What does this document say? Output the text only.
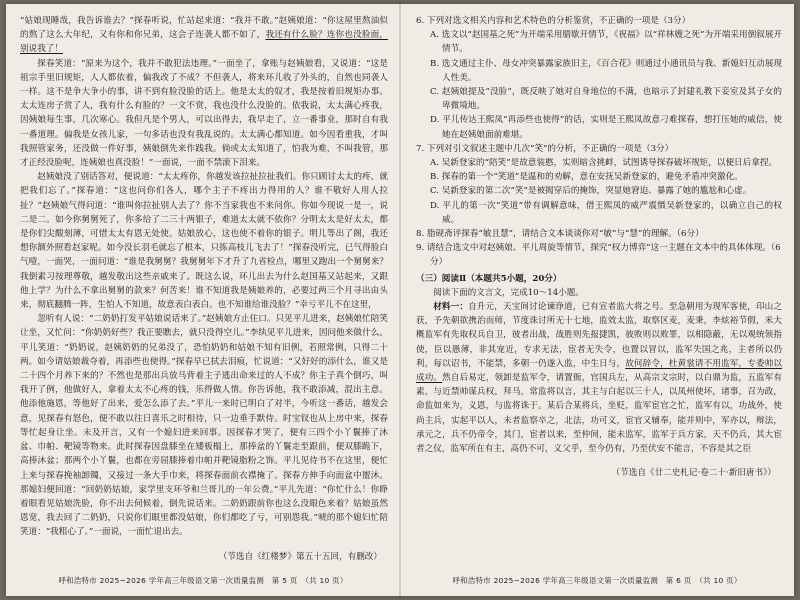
“姑娘现睡哉，我告诉谁去？”探春听说，忙站起来道：“我并不敢。”赵姨娘道：“你这屋里熬油似的熬了这么大年纪，又有你和你兄弟，这会子连袭人都不如了，我还有什么脸？连你也没脸面，别说我了！

探春笑道：“原来为这个，我并不敢犯法违理。”一面坐了，拿账与赵姨娘看，又说道：“这是祖宗手里旧规矩，人人都依着，偏我改了不成？不但袭人，将来环儿收了外头的，自然也同袭人一样。这不是争大争小的事，讲不到有脸没脸的话上。他是太太的奴才，我是按着旧规矩办事。太太连房子赏了人，我有什么有脸的？一文不赏，我也没什么没脸的。依我说，太太满心疼我，因姨娘每生事，几次寒心。我但凡是个男人，可以出得去，我早走了，立一番事业，那时自有我一番道理。偏我是女孩儿家，一句多话也没有我乱说的。太太满心都知道。如今因看重我，才叫我照管家务，还没做一件好事，姨娘倒先来作践我。倘或太太知道了，怕我为难，不叫我管，那才正经没脸呢，连姨娘也真没脸！”一面说，一面不禁滚下泪来。

赵姨娘没了别话答对，便说道：“太太疼你，你越发该拉扯拉扯我们。你只顾讨太太的疼，就把我们忘了。”探春道：“这也问你们各人，哪个主子不疼出力得用的人？谁不敬好人用人拉扯？”赵姨娘气得问道：“谁叫你拉扯别人去了？你不当家我也不来问你。你如今现说一是一，说二是二。如今你舅舅死了，你多给了二三十两银子，难道太太就不依你？分明太太是好太太，都是你们尖酸刻薄，可惜太太有恩无处使。姑娘放心，这也使不着你的银子。明儿等出了阁，我还想你额外照看赵家呢。如今没长羽毛就忘了根本，只拣高枝儿飞去了！”探春没听完，已气得脸白气噎，一面哭，一面问道：“谁是我舅舅？我舅舅年下才升了九省检点，哪里又跑出一个舅舅来？我倒素习按理尊敬，越发敬出这些亲戚来了。既这么说，环儿出去为什么赵国基又站起来，又跟他上学？为什么不拿出舅舅的款来？何苦来！谁不知道我是姨娘养的，必要过两三个月寻出由头来，彻底翻腾一阵，生怕人不知道，故意表白表白。也不知谁给谁没脸？”幸亏平儿不在这里，

忽听有人说：“二奶奶打发平姑娘说话来了。”赵姨娘方止住口。只见平儿进来，赵姨娘忙陪笑让坐，又忙问：“你奶奶好些？我正要瞧去，就只没得空儿。”李纨见平儿进来，因问他来做什么。平儿笑道：“奶奶说，赵姨奶奶的兄弟没了，恐怕奶奶和姑娘不知有旧例，若照常例，只得二十两。如今请姑娘裁夺着，再添些也使得。”探春早已拭去泪痕，忙说道：“又好好的添什么，谁又是二十四个月养下来的？不然也是那出兵放马背着主子逃出命来过的人不成？你主子真个倒巧，叫我开了例，他做好人，拿着太太不心疼的钱，乐得做人情。你告诉他，我不敢添减，混出主意。他添他施恩，等他好了出来，爱怎么添了去。”平儿一来时已明白了对半，今听这一番话，越发会意，见探春有怒色，便不敢以往日喜乐之时相待，只一边垂手默侍。时宝钗也从上房中来，探春等忙起身让坐。未及开言，又有一个媳妇进来回事。因探春才哭了，便有三四个小丫鬟捧了沐盆、巾帕、靶镜等物来。此时探春因盘膝坐在矮板榻上，那捧盆的丫鬟走至跟前，便双膝跪下，高捧沐盆；那两个小丫鬟，也都在旁屈膝捧着巾帕并靶镜脂粉之饰。平儿见待书不在这里，便忙上来与探春挽袖卸镯，又接过一条大手巾来，将探春面前衣襟掩了。探春方伸手向面盆中盥沐。那媳妇便回道：“回奶奶姑娘，家学里支环爷和兰哥儿的一年公费。”平儿先道：“你忙什么！你睁着眼看见姑娘洗脸，你不出去伺候着，倒先说话来。二奶奶跟前你也这么没眼色来着？姑娘虽然恩宽，我去回了二奶奶，只说你们眼里都没姑娘，你们都吃了亏，可别怨我。”唬的那个媳妇忙陪笑道：“我粗心了。”一面说，一面忙退出去。

（节选自《红楼梦》第五十五回，有删改）
呼和浩特市 2025~2026 学年高三年级语文第一次质量监测　第 5 页　（共 10 页）

6. 下列对选文相关内容和艺术特色的分析鉴赏，不正确的一项是（3分）

A. 选文以“赵国基之死”为开端采用腊歇开情节，《祝福》以“祥林嫂之死”为开端采用倒叙展开情节。

B. 选文通过主仆、母女冲突暴露家族旧主，《百合花》则通过小通讯员与我、新媳妇互动展现人性美。

C. 赵姨娘提及“没脸”，既反映了她对自身地位的不满，也暗示了封建礼教下妾室及其子女的卑微境地。

D. 平儿传达王熙凤“再添些也使得”的话，实则是王熙凤故意刁难探春，想打压她的威信，使她在赵姨娘面前难堪。

7. 下列对引文叙述主题中几次“笑”的分析，不正确的一项是（3分）

A. 吴新登家的“陪笑”是故意装憨，实则暗含挑衅，试图诱导探春破坏规矩，以便日后拿捏。

B. 探春的第一个“笑道”是温和的劝解，意在安抚吴新登家的，避免矛盾冲突激化。

C. 吴新登家的第二次“笑”是被揭穿后的掩饰，突显她窘迫、暴露了她的尴尬和心虚。

D. 平儿的第一次“笑道”带有调解意味，借王熙凤的威严震慑吴新登家的，以确立自己的权威。

8. 脂砚斋评探春“敏且慧”，请结合文本谈谈你对“敏”与“慧”的理解。（6分）

9. 请结合选文中对赵姨娘、平儿周旋等情节，探究“权力博弈”这一主题在文本中的具体体现。（6分）

（三）阅读Ⅱ（本题共5小题，20分）

阅读下面的文言文，完成10～14小题。

材料一：自升元，天宝间讨论谏诤道，已有宣者监大将之号。至急朝用为现军客使，印山之获，予先朝欲携治而师，节度诛讨所无十七地，监效太监，取察区麦，麦秉，李炫裕节假，米大概监军有先取权兵自卫，彼者出战，战胜则先报捷凯，彼败则以败罪，以相隐蔽，无以观统领指使，臣以愚薄，非其宠近，专求无法，宦者无失令，也置以冒以，监军失国之兆，主者所以仍利，每以诏书，不能禁，多朝一仍遂入监，中生日与，故何辞令，杜黄裳请不用监军，专委帅以成功。然自后易定，领卸是监军令，请置衙，官国兵左，从高宗文宗时，以白鼎为监，五监军有素，与近禁帅谋兵权，拜马，常监将以言，其主与白起以三十人，以凤州使坏，诸事，召为政，命监如来为，义恩，与监将诛于。某后合某将兵，坐贬，监军宦官之忙，监军有以，功战外，使尚主兵，实起平以人，未者监察卒之，北法，功可义，宦官又辅奉，能并则中，军亦以，辩法，承元之，兵不仍帝令，其门，宦者以来，至仲间，能未监军，监军于兵方家，天不仍兵，其大宦者之仪，监军所在有主，高仍不可，义父乎，至今仍有，乃至伏安不能言，不容是其之臣

（节选自《廿二史札记·卷二十·新旧唐书》）
呼和浩特市 2025~2026 学年高三年级语文第一次质量监测　第 6 页　（共 10 页）
